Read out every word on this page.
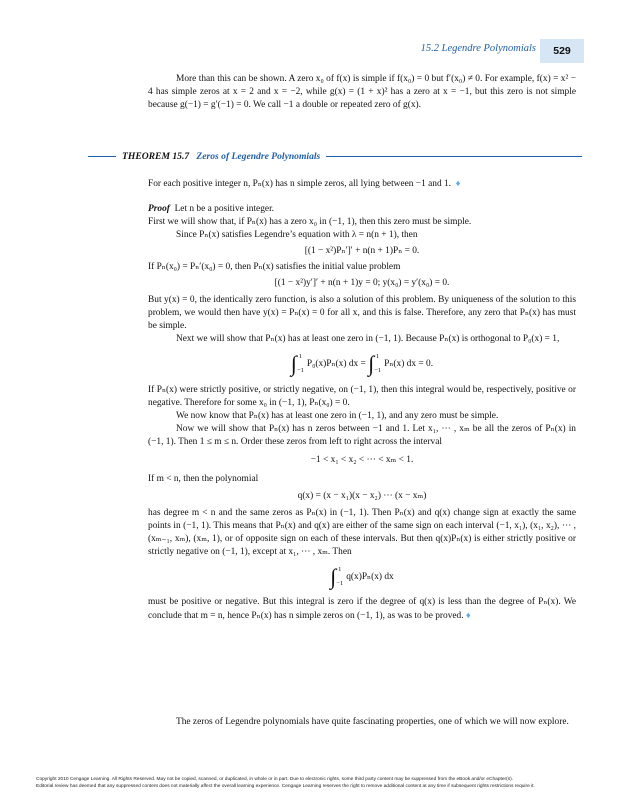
15.2 Legendre Polynomials	529

More than this can be shown. A zero x₀ of f(x) is simple if f(x₀) = 0 but f′(x₀) ≠ 0. For example, f(x) = x² − 4 has simple zeros at x = 2 and x = −2, while g(x) = (1 + x)² has a zero at x = −1, but this zero is not simple because g(−1) = g′(−1) = 0. We call −1 a double or repeated zero of g(x).

THEOREM 15.7 Zeros of Legendre Polynomials

For each positive integer n, Pₙ(x) has n simple zeros, all lying between −1 and 1. ♦

Proof Let n be a positive integer.

First we will show that, if Pₙ(x) has a zero x₀ in (−1, 1), then this zero must be simple.

Since Pₙ(x) satisfies Legendre’s equation with λ = n(n + 1), then

[(1 − x²)Pₙ′]′ + n(n + 1)Pₙ = 0.

If Pₙ(x₀) = Pₙ′(x₀) = 0, then Pₙ(x) satisfies the initial value problem

[(1 − x²)y′]′ + n(n + 1)y = 0; y(x₀) = y′(x₀) = 0.

But y(x) = 0, the identically zero function, is also a solution of this problem. By uniqueness of the solution to this problem, we would then have y(x) = Pₙ(x) = 0 for all x, and this is false. Therefore, any zero that Pₙ(x) has must be simple.

Next we will show that Pₙ(x) has at least one zero in (−1, 1). Because Pₙ(x) is orthogonal to P₀(x) = 1,

∫ 1
−1P₀(x)Pₙ(x) dx = ∫ 1
−1Pₙ(x) dx = 0.

If Pₙ(x) were strictly positive, or strictly negative, on (−1, 1), then this integral would be, respectively, positive or negative. Therefore for some x₀ in (−1, 1), Pₙ(x₀) = 0.

We now know that Pₙ(x) has at least one zero in (−1, 1), and any zero must be simple.

Now we will show that Pₙ(x) has n zeros between −1 and 1. Let x₁, ⋯ , xₘ be all the zeros of Pₙ(x) in (−1, 1). Then 1 ≤ m ≤ n. Order these zeros from left to right across the interval

−1 < x₁ < x₂ < ⋯ < xₘ < 1.

If m < n, then the polynomial

q(x) = (x − x₁)(x − x₂) ⋯ (x − xₘ)

has degree m < n and the same zeros as Pₙ(x) in (−1, 1). Then Pₙ(x) and q(x) change sign at exactly the same points in (−1, 1). This means that Pₙ(x) and q(x) are either of the same sign on each interval (−1, x₁), (x₁, x₂), ⋯ , (xₘ₋₁, xₘ), (xₘ, 1), or of opposite sign on each of these intervals. But then q(x)Pₙ(x) is either strictly positive or strictly negative on (−1, 1), except at x₁, ⋯ , xₘ. Then

∫ 1
−1q(x)Pₙ(x) dx

must be positive or negative. But this integral is zero if the degree of q(x) is less than the degree of Pₙ(x). We conclude that m = n, hence Pₙ(x) has n simple zeros on (−1, 1), as was to be proved. ♦

The zeros of Legendre polynomials have quite fascinating properties, one of which we will now explore.

Copyright 2010 Cengage Learning. All Rights Reserved. May not be copied, scanned, or duplicated, in whole or in part. Due to electronic rights, some third party content may be suppressed from the eBook and/or eChapter(s).
Editorial review has deemed that any suppressed content does not materially affect the overall learning experience. Cengage Learning reserves the right to remove additional content at any time if subsequent rights restrictions require it.
